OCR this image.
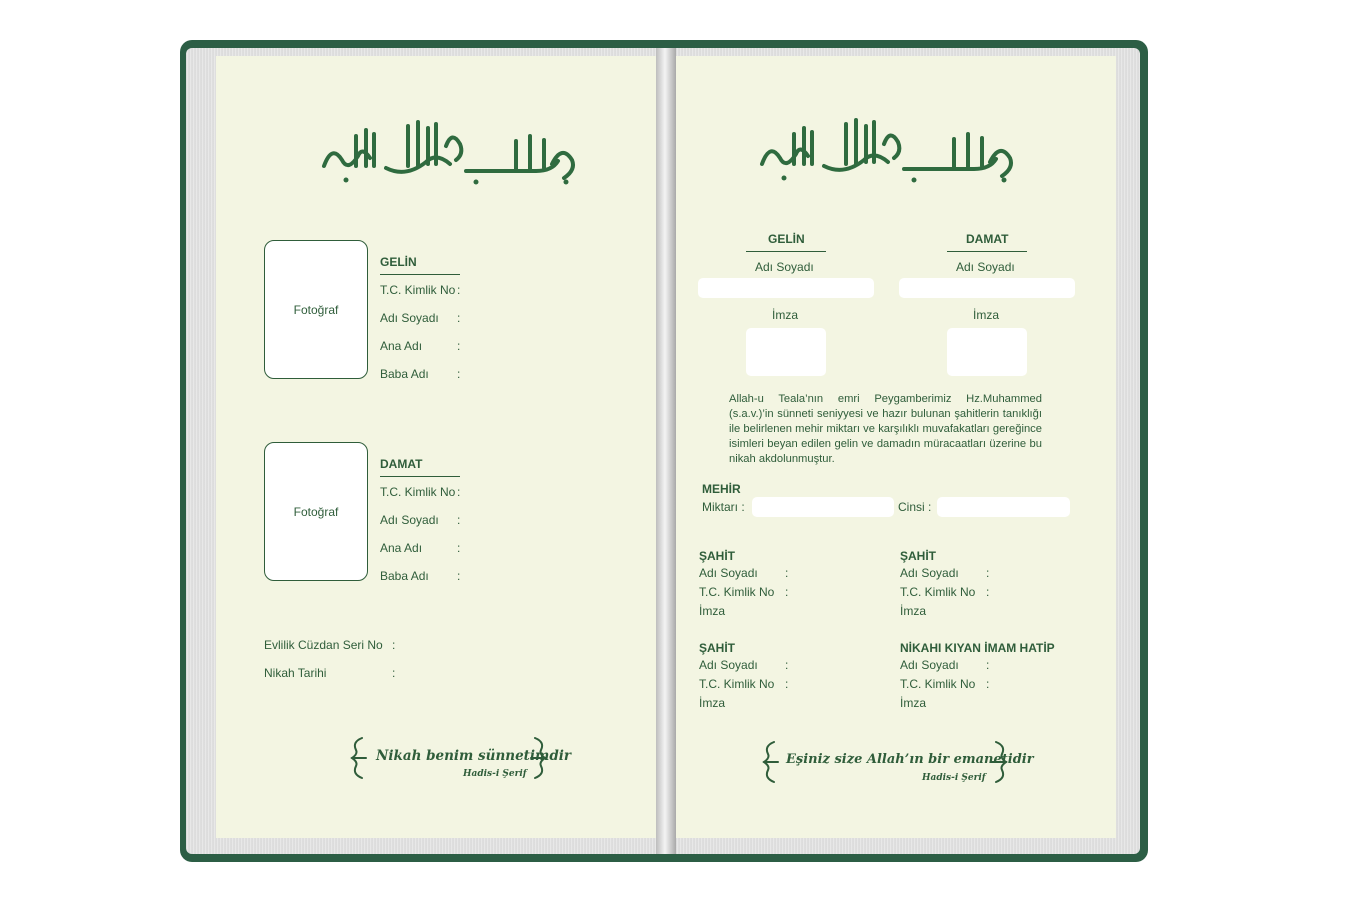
Fotoğraf
GELİN
T.C. Kimlik No :
Adı Soyadı :
Ana Adı	:
Baba Adı :
Fotoğraf
DAMAT
T.C. Kimlik No :
Adı Soyadı :
Ana Adı	:
Baba Adı :
Evlilik Cüzdan Seri No :
Nikah Tarihi	:
Nikah benim sünnetimdir
Hadis-i Şerif
GELİN
Adı Soyadı
İmza
DAMAT
Adı Soyadı
İmza
Allah-u Teala’nın emri Peygamberimiz Hz.Muhammed (s.a.v.)’in sünneti seniyyesi ve hazır bulunan şahitlerin tanıklığı ile belirlenen mehir miktarı ve karşılıklı muvafakatları gereğince isimleri beyan edilen gelin ve damadın müracaatları üzerine bu nikah akdolunmuştur.
MEHİR
Miktarı :	Cinsi :
ŞAHİT
Adı Soyadı :
T.C. Kimlik No :
İmza
ŞAHİT
Adı Soyadı :
T.C. Kimlik No :
İmza
ŞAHİT
Adı Soyadı :
T.C. Kimlik No :
İmza
NİKAHI KIYAN İMAM HATİP
Adı Soyadı :
T.C. Kimlik No :
İmza
Eşiniz size Allah’ın bir emanetidir
Hadis-i Şerif
